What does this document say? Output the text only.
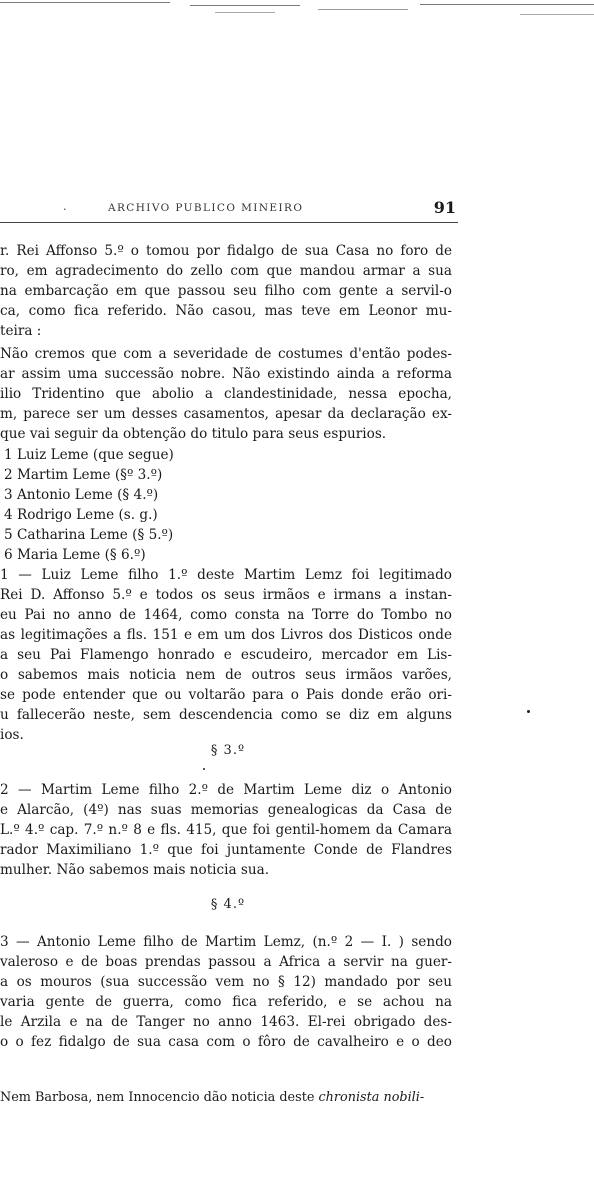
.	ARCHIVO PUBLICO MINEIRO	91
r. Rei Affonso 5.º o tomou por fidalgo de sua Casa no foro de
ro, em agradecimento do zello com que mandou armar a sua
na embarcação em que passou seu filho com gente a servil-o
ca, como fica referido. Não casou, mas teve em Leonor mu-
teira :
Não cremos que com a severidade de costumes d'então podes-
ar assim uma successão nobre. Não existindo ainda a reforma
ilio Tridentino que abolio a clandestinidade, nessa epocha,
m, parece ser um desses casamentos, apesar da declaração ex-
que vai seguir da obtenção do titulo para seus espurios.
1 Luiz Leme (que segue)
2 Martim Leme (§º 3.º)
3 Antonio Leme (§ 4.º)
4 Rodrigo Leme (s. g.)
5 Catharina Leme (§ 5.º)
6 Maria Leme (§ 6.º)
1 — Luiz Leme filho 1.º deste Martim Lemz foi legitimado
Rei D. Affonso 5.º e todos os seus irmãos e irmans a instan-
eu Pai no anno de 1464, como consta na Torre do Tombo no
as legitimações a fls. 151 e em um dos Livros dos Disticos onde
a seu Pai Flamengo honrado e escudeiro, mercador em Lis-
o sabemos mais noticia nem de outros seus irmãos varões,
se pode entender que ou voltarão para o Pais donde erão ori-
u fallecerão neste, sem descendencia como se diz em alguns
ios.
§ 3.º
2 — Martim Leme filho 2.º de Martim Leme diz o Antonio
e Alarcão, (4º) nas suas memorias genealogicas da Casa de
L.º 4.º cap. 7.º n.º 8 e fls. 415, que foi gentil-homem da Camara
rador Maximiliano 1.º que foi juntamente Conde de Flandres
mulher. Não sabemos mais noticia sua.
§ 4.º
3 — Antonio Leme filho de Martim Lemz, (n.º 2 — I. ) sendo
valeroso e de boas prendas passou a Africa a servir na guer-
a os mouros (sua successão vem no § 12) mandado por seu
varia gente de guerra, como fica referido, e se achou na
le Arzila e na de Tanger no anno 1463. El-rei obrigado des-
o o fez fidalgo de sua casa com o fôro de cavalheiro e o deo
Nem Barbosa, nem Innocencio dão noticia deste chronista nobili-
